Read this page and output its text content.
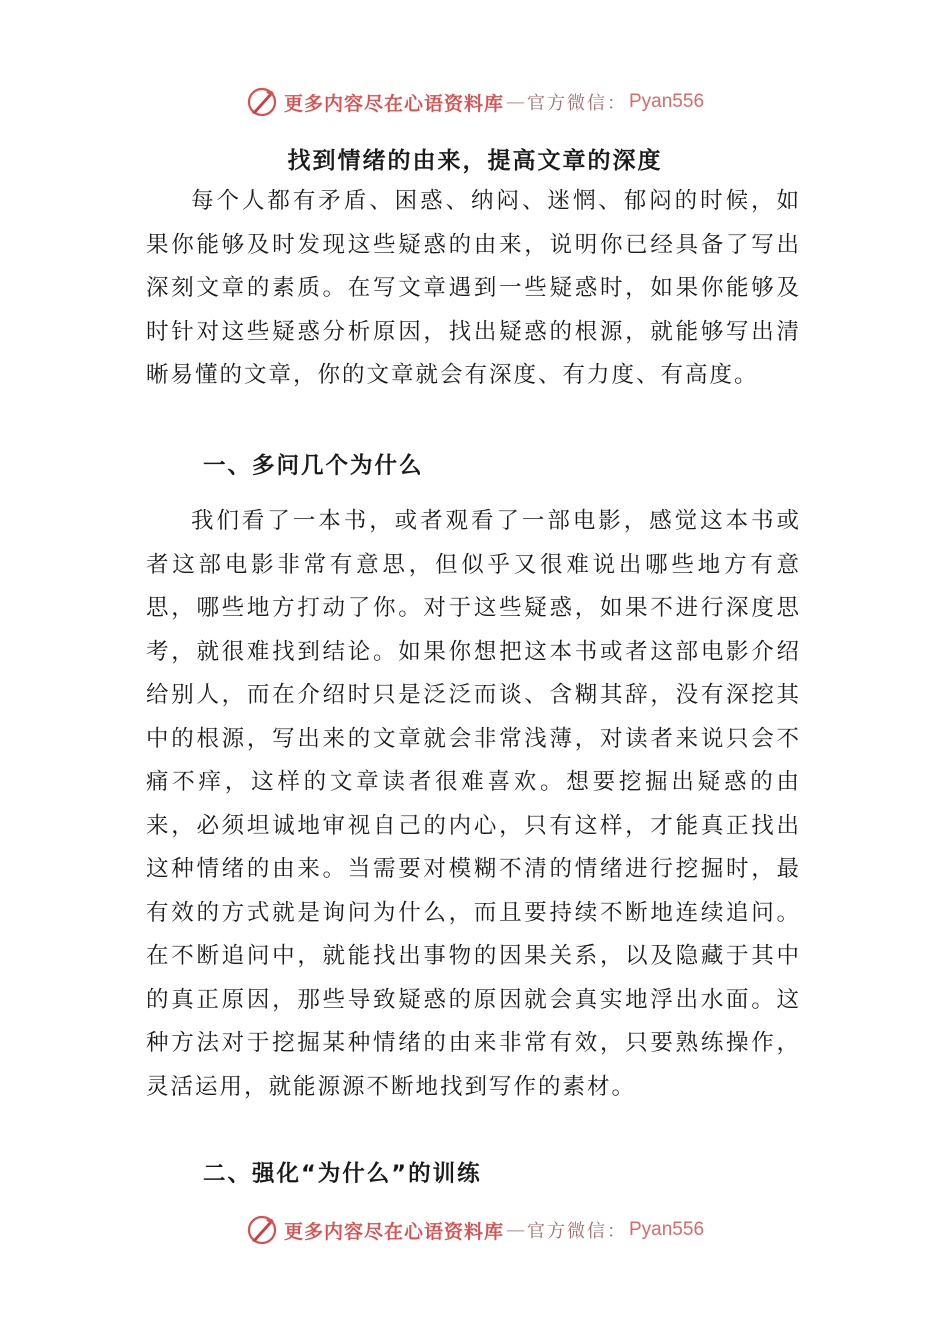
更多内容尽在心语资料库 — 官方微信： Pyan556
找到情绪的由来，提高文章的深度

每个人都有矛盾、困惑、纳闷、迷惘、郁闷的时候，如果你能够及时发现这些疑惑的由来，说明你已经具备了写出深刻文章的素质。在写文章遇到一些疑惑时，如果你能够及时针对这些疑惑分析原因，找出疑惑的根源，就能够写出清晰易懂的文章，你的文章就会有深度、有力度、有高度。

一、多问几个为什么

我们看了一本书，或者观看了一部电影，感觉这本书或者这部电影非常有意思，但似乎又很难说出哪些地方有意思，哪些地方打动了你。对于这些疑惑，如果不进行深度思考，就很难找到结论。如果你想把这本书或者这部电影介绍给别人，而在介绍时只是泛泛而谈、含糊其辞，没有深挖其中的根源，写出来的文章就会非常浅薄，对读者来说只会不痛不痒，这样的文章读者很难喜欢。想要挖掘出疑惑的由来，必须坦诚地审视自己的内心，只有这样，才能真正找出这种情绪的由来。当需要对模糊不清的情绪进行挖掘时，最有效的方式就是询问为什么，而且要持续不断地连续追问。在不断追问中，就能找出事物的因果关系，以及隐藏于其中的真正原因，那些导致疑惑的原因就会真实地浮出水面。这种方法对于挖掘某种情绪的由来非常有效，只要熟练操作，灵活运用，就能源源不断地找到写作的素材。

二、强化“为什么”的训练
更多内容尽在心语资料库 — 官方微信： Pyan556
